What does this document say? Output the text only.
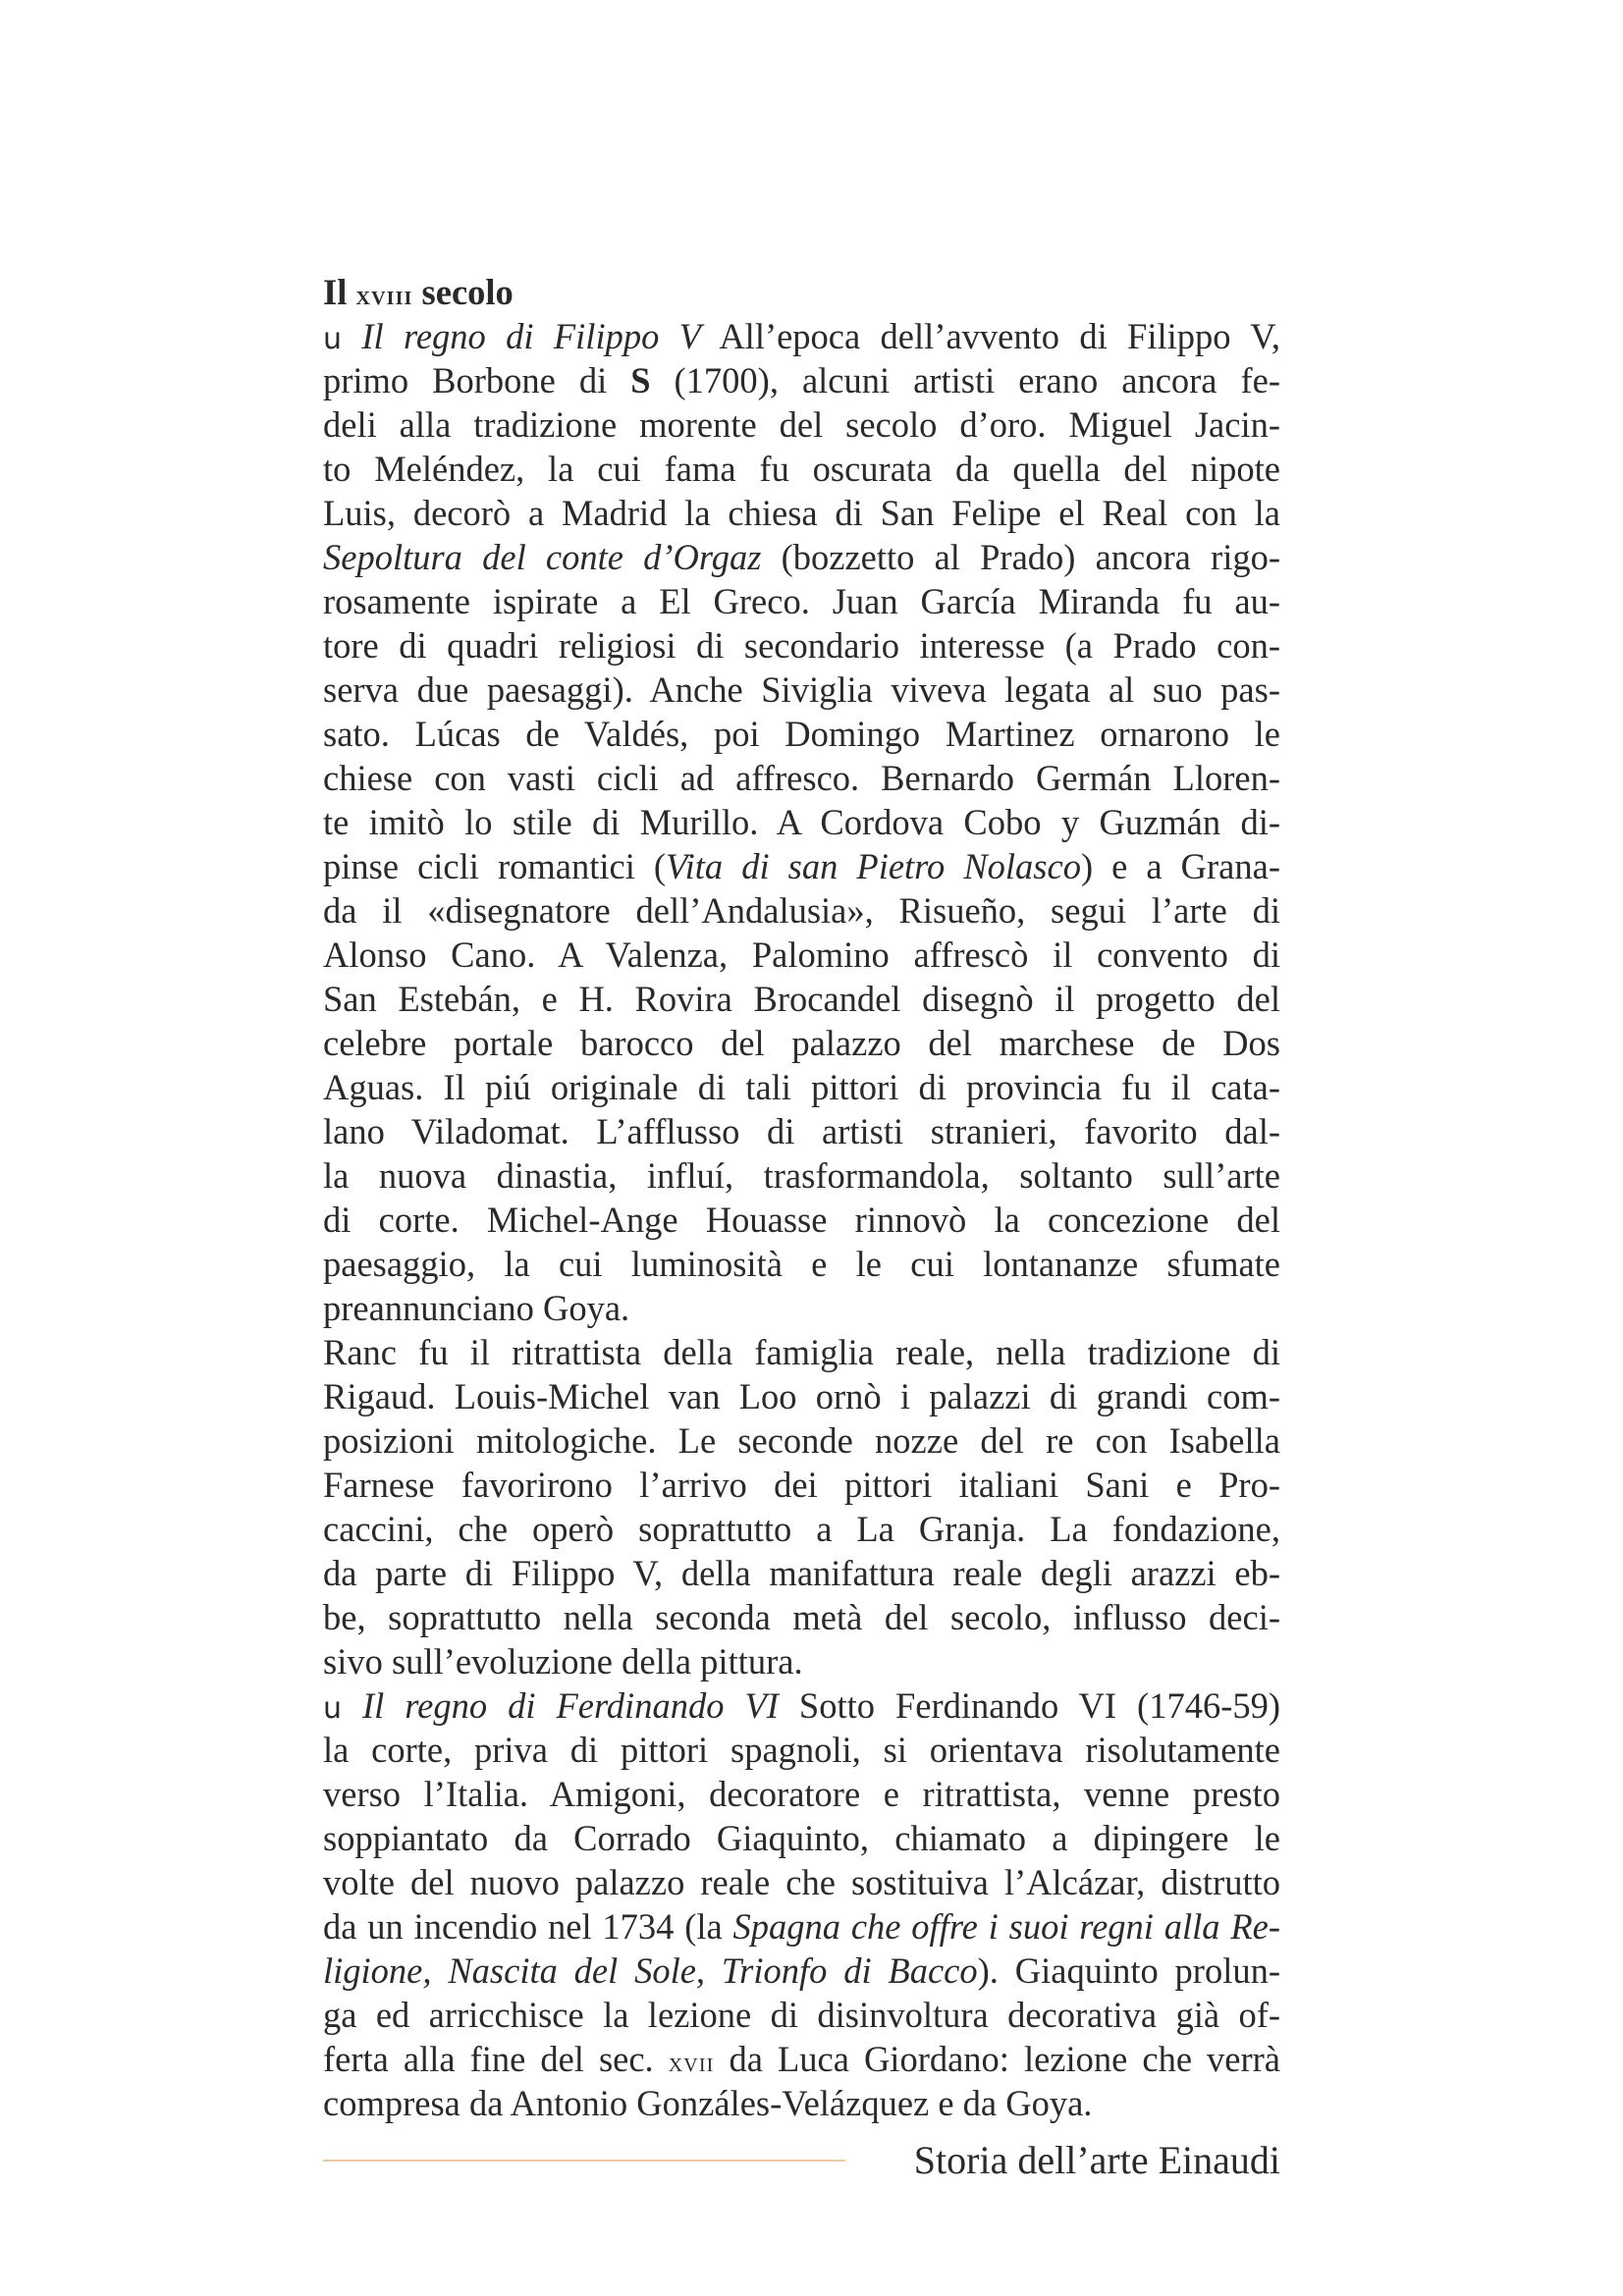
Il xviii secolo
u Il regno di Filippo V All’epoca dell’avvento di Filippo V,
primo Borbone di S (1700), alcuni artisti erano ancora fe-
deli alla tradizione morente del secolo d’oro. Miguel Jacin-
to Meléndez, la cui fama fu oscurata da quella del nipote
Luis, decorò a Madrid la chiesa di San Felipe el Real con la
Sepoltura del conte d’Orgaz (bozzetto al Prado) ancora rigo-
rosamente ispirate a El Greco. Juan García Miranda fu au-
tore di quadri religiosi di secondario interesse (a Prado con-
serva due paesaggi). Anche Siviglia viveva legata al suo pas-
sato. Lúcas de Valdés, poi Domingo Martinez ornarono le
chiese con vasti cicli ad affresco. Bernardo Germán Lloren-
te imitò lo stile di Murillo. A Cordova Cobo y Guzmán di-
pinse cicli romantici (Vita di san Pietro Nolasco) e a Grana-
da il «disegnatore dell’Andalusia», Risueño, segui l’arte di
Alonso Cano. A Valenza, Palomino affrescò il convento di
San Estebán, e H. Rovira Brocandel disegnò il progetto del
celebre portale barocco del palazzo del marchese de Dos
Aguas. Il piú originale di tali pittori di provincia fu il cata-
lano Viladomat. L’afflusso di artisti stranieri, favorito dal-
la nuova dinastia, influí, trasformandola, soltanto sull’arte
di corte. Michel-Ange Houasse rinnovò la concezione del
paesaggio, la cui luminosità e le cui lontananze sfumate
preannunciano Goya.
Ranc fu il ritrattista della famiglia reale, nella tradizione di
Rigaud. Louis-Michel van Loo ornò i palazzi di grandi com-
posizioni mitologiche. Le seconde nozze del re con Isabella
Farnese favorirono l’arrivo dei pittori italiani Sani e Pro-
caccini, che operò soprattutto a La Granja. La fondazione,
da parte di Filippo V, della manifattura reale degli arazzi eb-
be, soprattutto nella seconda metà del secolo, influsso deci-
sivo sull’evoluzione della pittura.
u Il regno di Ferdinando VI Sotto Ferdinando VI (1746-59)
la corte, priva di pittori spagnoli, si orientava risolutamente
verso l’Italia. Amigoni, decoratore e ritrattista, venne presto
soppiantato da Corrado Giaquinto, chiamato a dipingere le
volte del nuovo palazzo reale che sostituiva l’Alcázar, distrutto
da un incendio nel 1734 (la Spagna che offre i suoi regni alla Re-
ligione, Nascita del Sole, Trionfo di Bacco). Giaquinto prolun-
ga ed arricchisce la lezione di disinvoltura decorativa già of-
ferta alla fine del sec. xvii da Luca Giordano: lezione che verrà
compresa da Antonio Gonzáles-Velázquez e da Goya.
Storia dell’arte Einaudi
